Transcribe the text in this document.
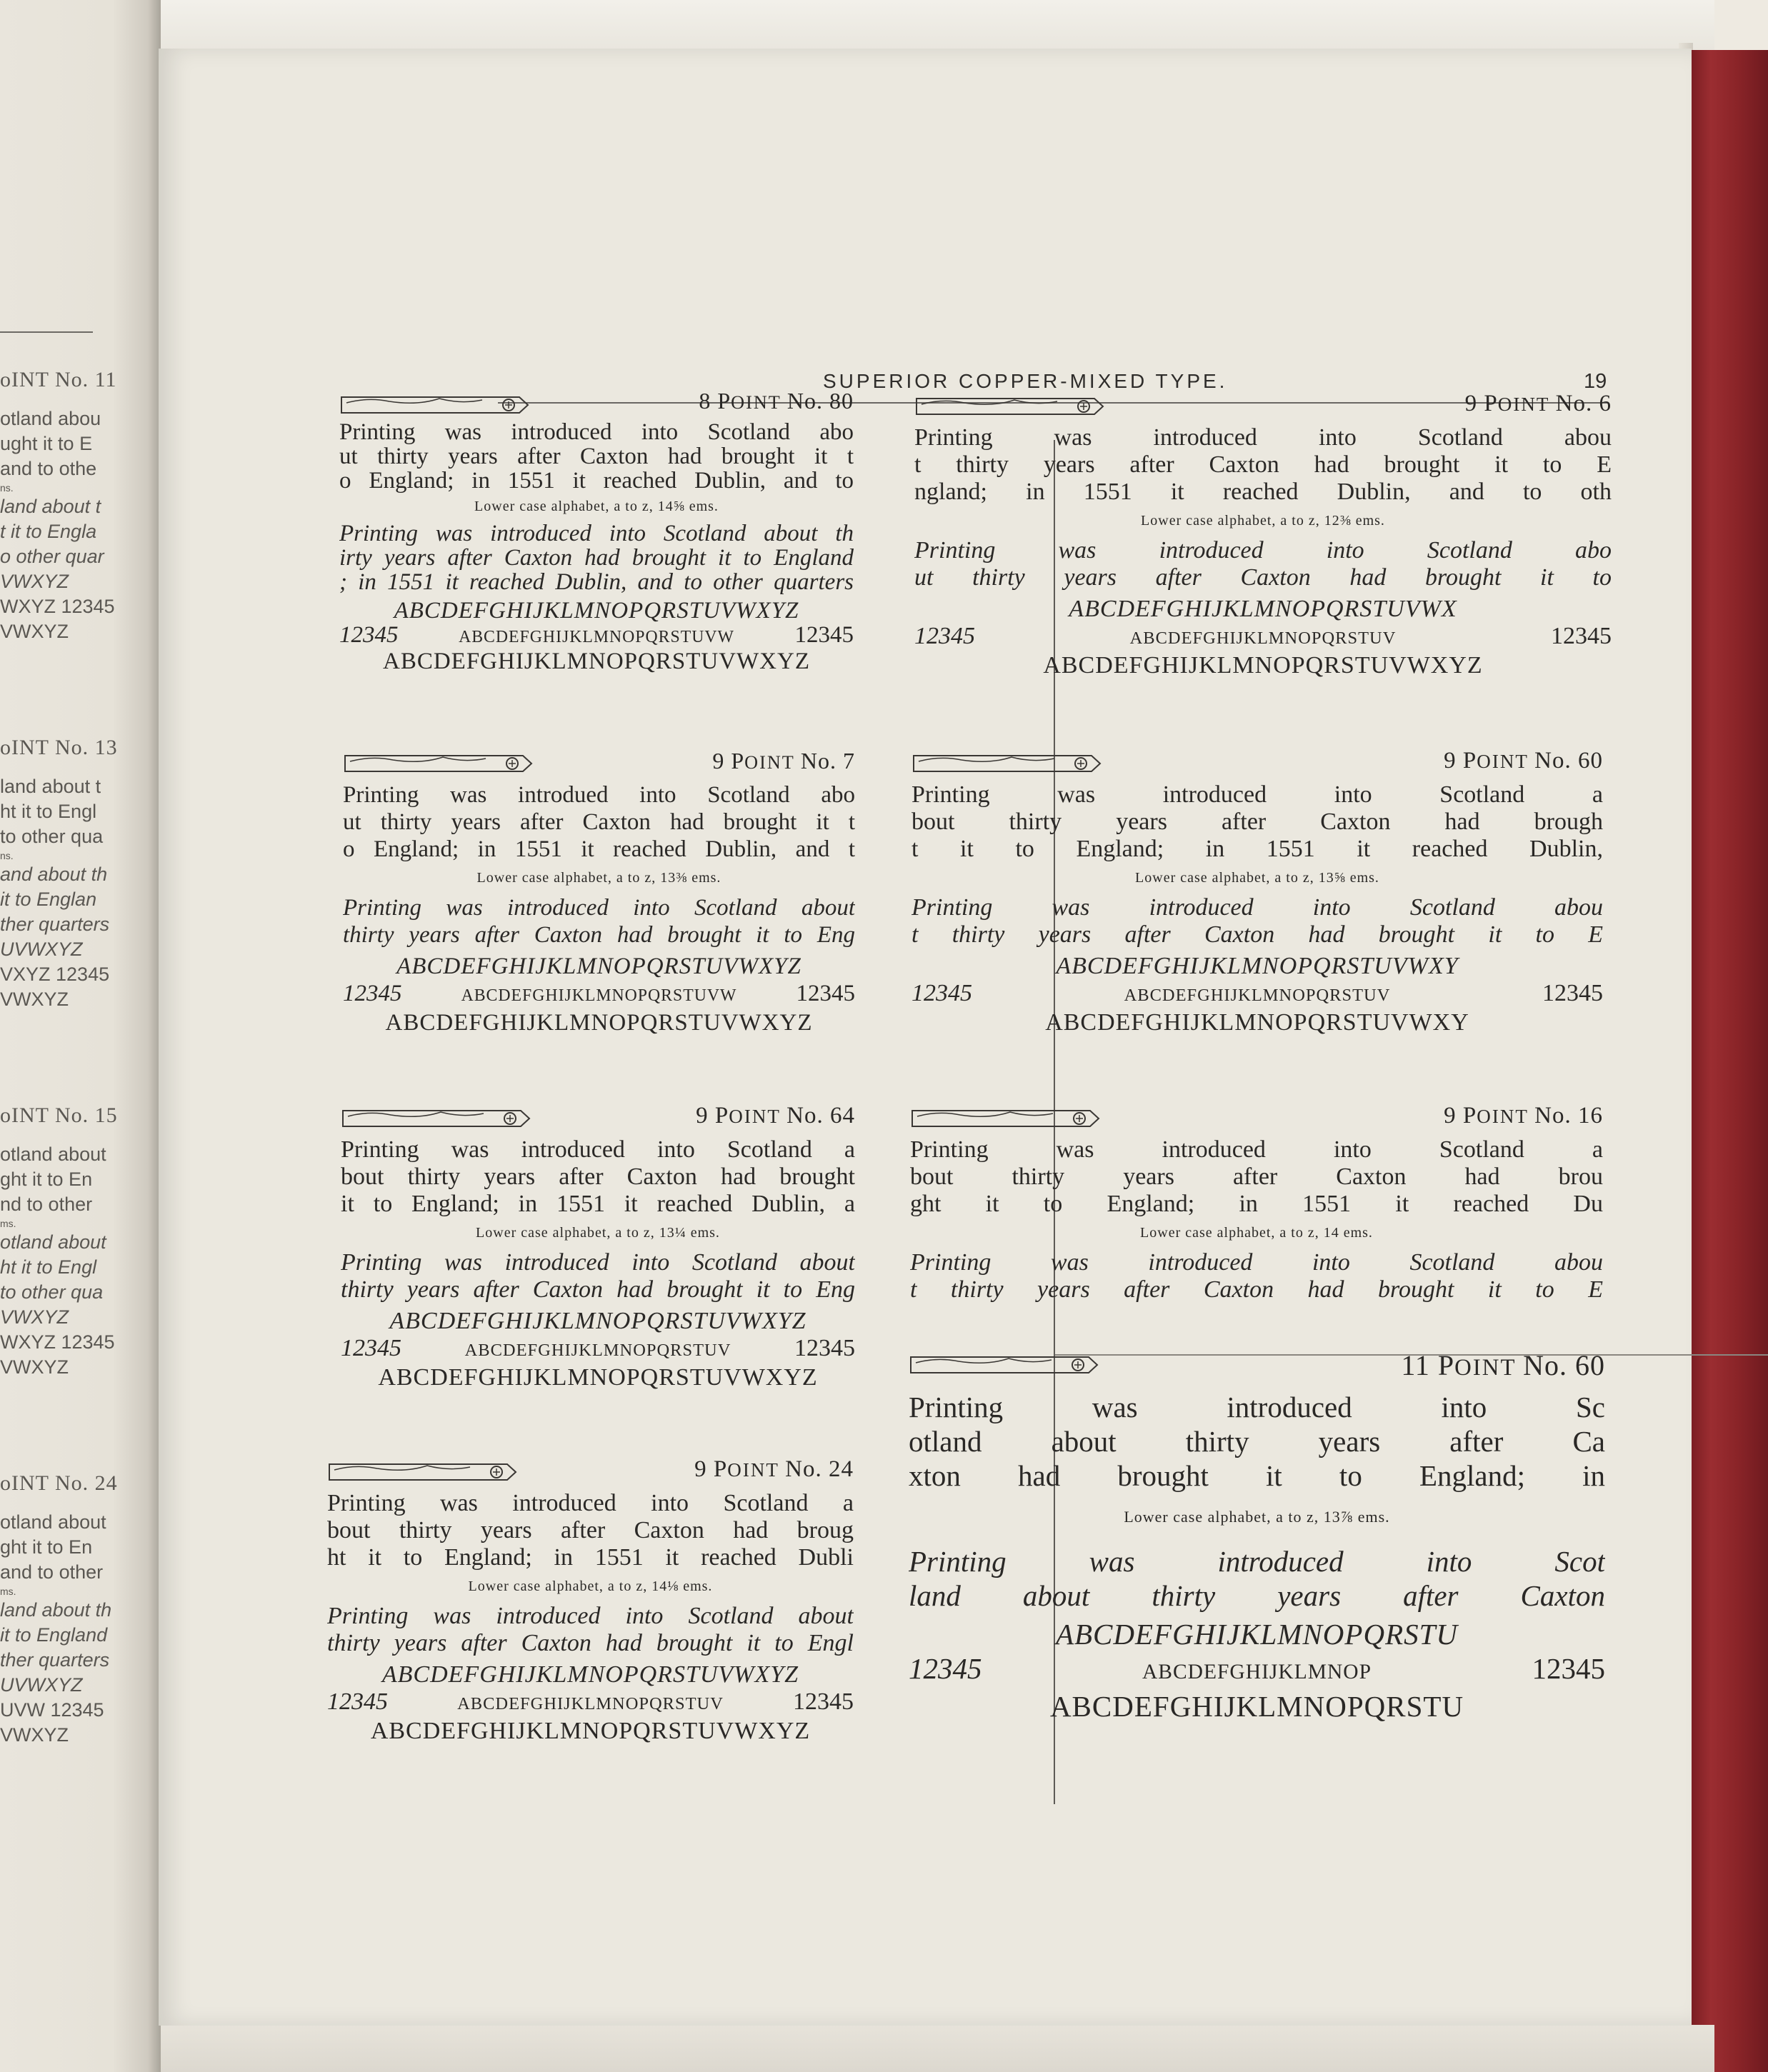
oINT No. 11
otland abou
ught it to E
and to othe
ns.
land about t
t it to Engla
o other quar
VWXYZ
WXYZ 12345
VWXYZ
oINT No. 13
land about t
ht it to Engl
to other qua
ns.
and about th
it to Englan
ther quarters
UVWXYZ
VXYZ 12345
VWXYZ
oINT No. 15
otland about
ght it to En
nd to other
ms.
otland about
ht it to Engl
to other qua
VWXYZ
WXYZ 12345
VWXYZ
oINT No. 24
otland about
ght it to En
and to other
ms.
land about th
it to England
ther quarters
UVWXYZ
UVW 12345
VWXYZ
SUPERIOR COPPER-MIXED TYPE.	19
8 POINT No. 80
Printing was introduced into Scotland abo
ut thirty years after Caxton had brought it t
o England; in 1551 it reached Dublin, and to
Lower case alphabet, a to z, 14⅝ ems.
Printing was introduced into Scotland about th
irty years after Caxton had brought it to England
; in 1551 it reached Dublin, and to other quarters
ABCDEFGHIJKLMNOPQRSTUVWXYZ
12345	ABCDEFGHIJKLMNOPQRSTUVW	12345
ABCDEFGHIJKLMNOPQRSTUVWXYZ
9 POINT No. 6
Printing was introduced into Scotland abou
t thirty years after Caxton had brought it to E
ngland; in 1551 it reached Dublin, and to oth
Lower case alphabet, a to z, 12⅜ ems.
Printing was introduced into Scotland abo
ut thirty years after Caxton had brought it to
ABCDEFGHIJKLMNOPQRSTUVWX
12345	ABCDEFGHIJKLMNOPQRSTUV	12345
ABCDEFGHIJKLMNOPQRSTUVWXYZ
9 POINT No. 7
Printing was introdued into Scotland abo
ut thirty years after Caxton had brought it t
o England; in 1551 it reached Dublin, and t
Lower case alphabet, a to z, 13⅜ ems.
Printing was introduced into Scotland about
thirty years after Caxton had brought it to Eng
ABCDEFGHIJKLMNOPQRSTUVWXYZ
12345	ABCDEFGHIJKLMNOPQRSTUVW	12345
ABCDEFGHIJKLMNOPQRSTUVWXYZ
9 POINT No. 60
Printing was introduced into Scotland a
bout thirty years after Caxton had brough
t it to England; in 1551 it reached Dublin,
Lower case alphabet, a to z, 13⅝ ems.
Printing was introduced into Scotland abou
t thirty years after Caxton had brought it to E
ABCDEFGHIJKLMNOPQRSTUVWXY
12345	ABCDEFGHIJKLMNOPQRSTUV	12345
ABCDEFGHIJKLMNOPQRSTUVWXY
9 POINT No. 64
Printing was introduced into Scotland a
bout thirty years after Caxton had brought
it to England; in 1551 it reached Dublin, a
Lower case alphabet, a to z, 13¼ ems.
Printing was introduced into Scotland about
thirty years after Caxton had brought it to Eng
ABCDEFGHIJKLMNOPQRSTUVWXYZ
12345	ABCDEFGHIJKLMNOPQRSTUV	12345
ABCDEFGHIJKLMNOPQRSTUVWXYZ
9 POINT No. 16
Printing was introduced into Scotland a
bout thirty years after Caxton had brou
ght it to England; in 1551 it reached Du
Lower case alphabet, a to z, 14 ems.
Printing was introduced into Scotland abou
t thirty years after Caxton had brought it to E
9 POINT No. 24
Printing was introduced into Scotland a
bout thirty years after Caxton had broug
ht it to England; in 1551 it reached Dubli
Lower case alphabet, a to z, 14⅛ ems.
Printing was introduced into Scotland about
thirty years after Caxton had brought it to Engl
ABCDEFGHIJKLMNOPQRSTUVWXYZ
12345	ABCDEFGHIJKLMNOPQRSTUV	12345
ABCDEFGHIJKLMNOPQRSTUVWXYZ
11 POINT No. 60
Printing was introduced into Sc
otland about thirty years after Ca
xton had brought it to England; in
Lower case alphabet, a to z, 13⅞ ems.
Printing was introduced into Scot
land about thirty years after Caxton
ABCDEFGHIJKLMNOPQRSTU
12345	ABCDEFGHIJKLMNOP	12345
ABCDEFGHIJKLMNOPQRSTU
